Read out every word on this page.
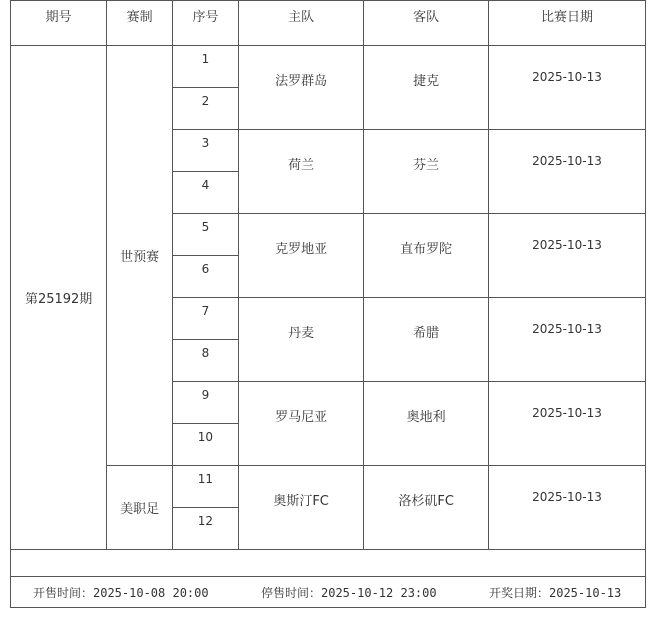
期号	赛制	序号	主队	客队	比赛日期
第25192期	世预赛	1	法罗群岛	捷克	2025-10-13
		2			
		3	荷兰	芬兰	2025-10-13
		4			
		5	克罗地亚	直布罗陀	2025-10-13
		6			
		7	丹麦	希腊	2025-10-13
		8			
		9	罗马尼亚	奥地利	2025-10-13
		10			
	美职足	11	奥斯汀FC	洛杉矶FC	2025-10-13
		12			
开售时间：2025-10-08 20:00	停售时间：2025-10-12 23:00	开奖日期：2025-10-13
